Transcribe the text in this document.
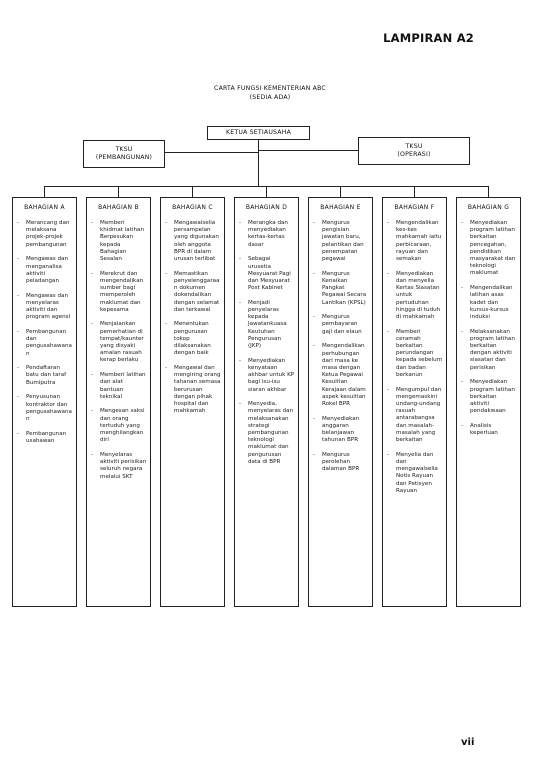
LAMPIRAN A2
CARTA FUNGSI KEMENTERIAN ABC
(SEDIA ADA)
KETUA SETIAUSAHA
TKSU
(PEMBANGUNAN)
TKSU
(OPERASI)
BAHAGIAN A
- Merancang dan melaksana projek-projek pembangunan
- Mengawas dan menganalisa aktiviti peladangan
- Mengawas dan menyelaras aktiviti dan program agensi
- Pembangunan dan pengusahawanan
- Pendaftaran batu dan taraf Bumiputra
- Penyusunan kontraktor dan pengusahawanan
- Pembangunan usahawan
BAHAGIAN B
- Memberi khidmat latihan Berpesukan kepada Bahagian Sesalan
- Merekrut dan mengendalikan sumber bagi memperoleh maklumat dan kepesama
- Menjalankan pemerhatian di tempat/kaunter yang disyaki amalan rasuah kerap berlaku
- Memberi latihan dan alat bantuan teknikal
- Mengesan saksi dan orang tertuduh yang menghilangkan diri
- Menyelaras aktiviti perisikan seluruh negara melalui SKT
BAHAGIAN C
- Mengawalselia persampelan yang digunakan oleh anggota BPR di dalam urusan terlibat
- Memastikan penyelenggaraan dokumen dokendalikan dengan selamat dan terkawal
- Menentukan pengurusan tokop dilaksanakan dengan baik
- Mengawal dan mengiring orang tahanan semasa berurusan dengan pihak hospital dan mahkamah
BAHAGIAN D
- Merangka dan menyediakan kertas-kertas dasar
- Sebagai urusetia Mesyuarat Pagi dan Mesyuarat Post Kabinet
- Menjadi penyelaras kepada Jawatankuasa Keutuhan Pengurusan (JKP)
- Menyediakan kenyataan akhbar untuk KP bagi isu-isu siaran akhbar
- Menyedia, menyelaras dan melaksanakan strategi pembangunan teknologi maklumat dan pengurusan data di BPR
BAHAGIAN E
- Mengurus pengisian jawatan baru, pelantikan dan penempatan pegawai
- Mengurus Kenaikan Pangkat Pegawai Secara Lantikan (KPSL)
- Mengurus pembayaran gaji dan elaun
- Mengendalikan perhubungan dari masa ke masa dengan Ketua Pegawai Kesulitan Kerajaan dalam aspek kesulitan Rokel BPR
- Menyediakan anggaran belanjawan tahunan BPR
- Mengurus perolehan dalaman BPR
BAHAGIAN F
- Mengendalikan kes-kes mahkamah iaitu perbicaraan, rayuan dan semakan
- Menyediakan dan menyelia Kertas Siasatan untuk pertuduhan hingga di tuduh di mahkamah
- Memberi ceramah berkaitan perundangan kepada sebelum dan badan berkanun
- Mengumpul dan mengemaskini undang-undang rasuah antarabangsa dan masalah-masalah yang berkaitan
- Menyelia dan dan mengawalselia Notis Rayuan dan Petisyen Rayuan
BAHAGIAN G
- Menyediakan program latihan berkaitan pencegahan, pendidikan masyarakat dan teknologi maklumat
- Mengendalikan latihan asas kadet dan kursus-kursus induksi
- Melaksanakan program latihan berkaitan dengan aktiviti siasatan dan perisikan
- Menyediakan program latihan berkaitan aktiviti pendakwaan
- Analisis keperluan
vii
